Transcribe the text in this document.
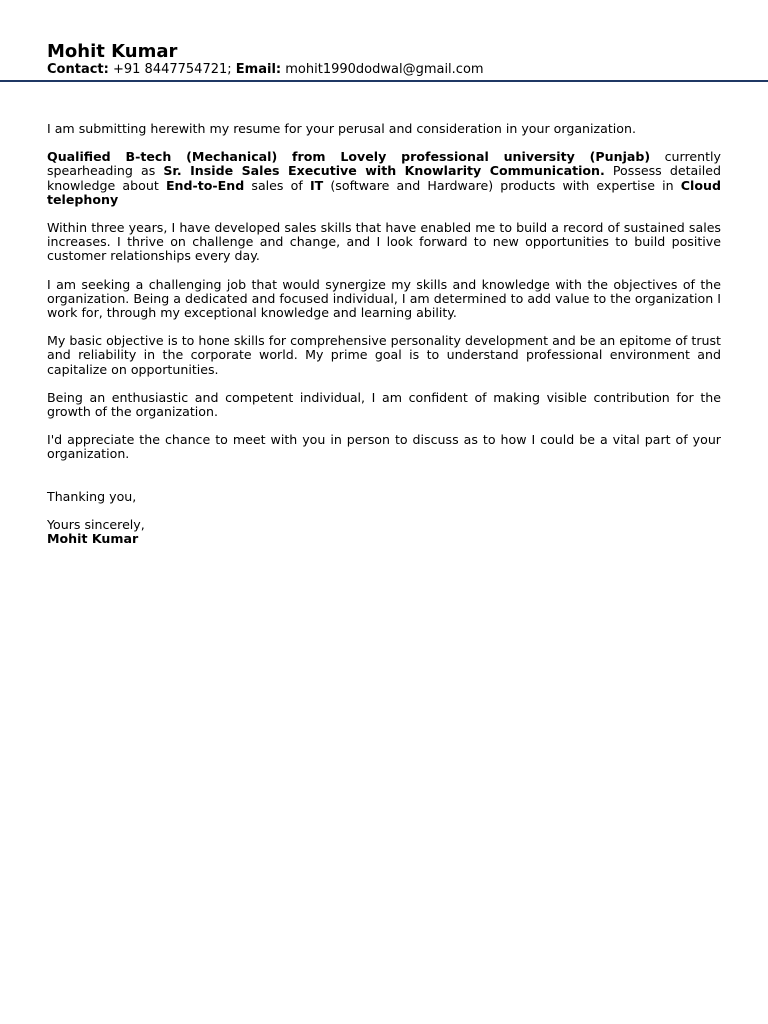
Mohit Kumar
Contact: +91 8447754721; Email: mohit1990dodwal@gmail.com

I am submitting herewith my resume for your perusal and consideration in your organization.

Qualified B-tech (Mechanical) from Lovely professional university (Punjab) currently spearheading as Sr. Inside Sales Executive with Knowlarity Communication. Possess detailed knowledge about End-to-End sales of IT (software and Hardware) products with expertise in Cloud telephony

Within three years, I have developed sales skills that have enabled me to build a record of sustained sales increases. I thrive on challenge and change, and I look forward to new opportunities to build positive customer relationships every day.

I am seeking a challenging job that would synergize my skills and knowledge with the objectives of the organization. Being a dedicated and focused individual, I am determined to add value to the organization I work for, through my exceptional knowledge and learning ability.

My basic objective is to hone skills for comprehensive personality development and be an epitome of trust and reliability in the corporate world. My prime goal is to understand professional environment and capitalize on opportunities.

Being an enthusiastic and competent individual, I am confident of making visible contribution for the growth of the organization.

I'd appreciate the chance to meet with you in person to discuss as to how I could be a vital part of your organization.

Thanking you,

Yours sincerely,

Mohit Kumar
